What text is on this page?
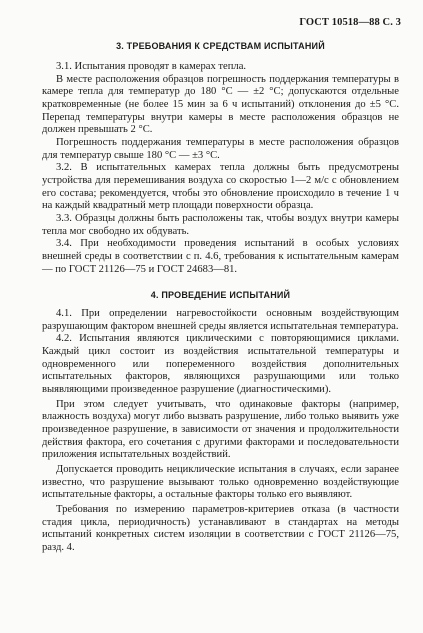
ГОСТ 10518—88 С. 3
3. ТРЕБОВАНИЯ К СРЕДСТВАМ ИСПЫТАНИЙ

3.1. Испытания проводят в камерах тепла.

В месте расположения образцов погрешность поддержания температуры в камере тепла для температур до 180 °С — ±2 °С; допускаются отдельные кратковременные (не более 15 мин за 6 ч испытаний) отклонения до ±5 °С. Перепад температуры внутри камеры в месте расположения образцов не должен превышать 2 °С.

Погрешность поддержания температуры в месте расположения образцов для температур свыше 180 °С — ±3 °С.

3.2. В испытательных камерах тепла должны быть предусмотрены устройства для перемешивания воздуха со скоростью 1—2 м/с с обновлением его состава; рекомендуется, чтобы это обновление происходило в течение 1 ч на каждый квадратный метр площади поверхности образца.

3.3. Образцы должны быть расположены так, чтобы воздух внутри камеры тепла мог свободно их обдувать.

3.4. При необходимости проведения испытаний в особых условиях внешней среды в соответствии с п. 4.6, требования к испытательным камерам — по ГОСТ 21126—75 и ГОСТ 24683—81.

4. ПРОВЕДЕНИЕ ИСПЫТАНИЙ

4.1. При определении нагревостойкости основным воздействующим разрушающим фактором внешней среды является испытательная температура.

4.2. Испытания являются циклическими с повторяющимися циклами. Каждый цикл состоит из воздействия испытательной температуры и одновременного или попеременного воздействия дополнительных испытательных факторов, являющихся разрушающими или только выявляющими произведенное разрушение (диагностическими).

При этом следует учитывать, что одинаковые факторы (например, влажность воздуха) могут либо вызвать разрушение, либо только выявить уже произведенное разрушение, в зависимости от значения и продолжительности действия фактора, его сочетания с другими факторами и последовательности приложения испытательных воздействий.

Допускается проводить нециклические испытания в случаях, если заранее известно, что разрушение вызывают только одновременно воздействующие испытательные факторы, а остальные факторы только его выявляют.

Требования по измерению параметров-критериев отказа (в частности стадия цикла, периодичность) устанавливают в стандартах на методы испытаний конкретных систем изоляции в соответствии с ГОСТ 21126—75, разд. 4.
